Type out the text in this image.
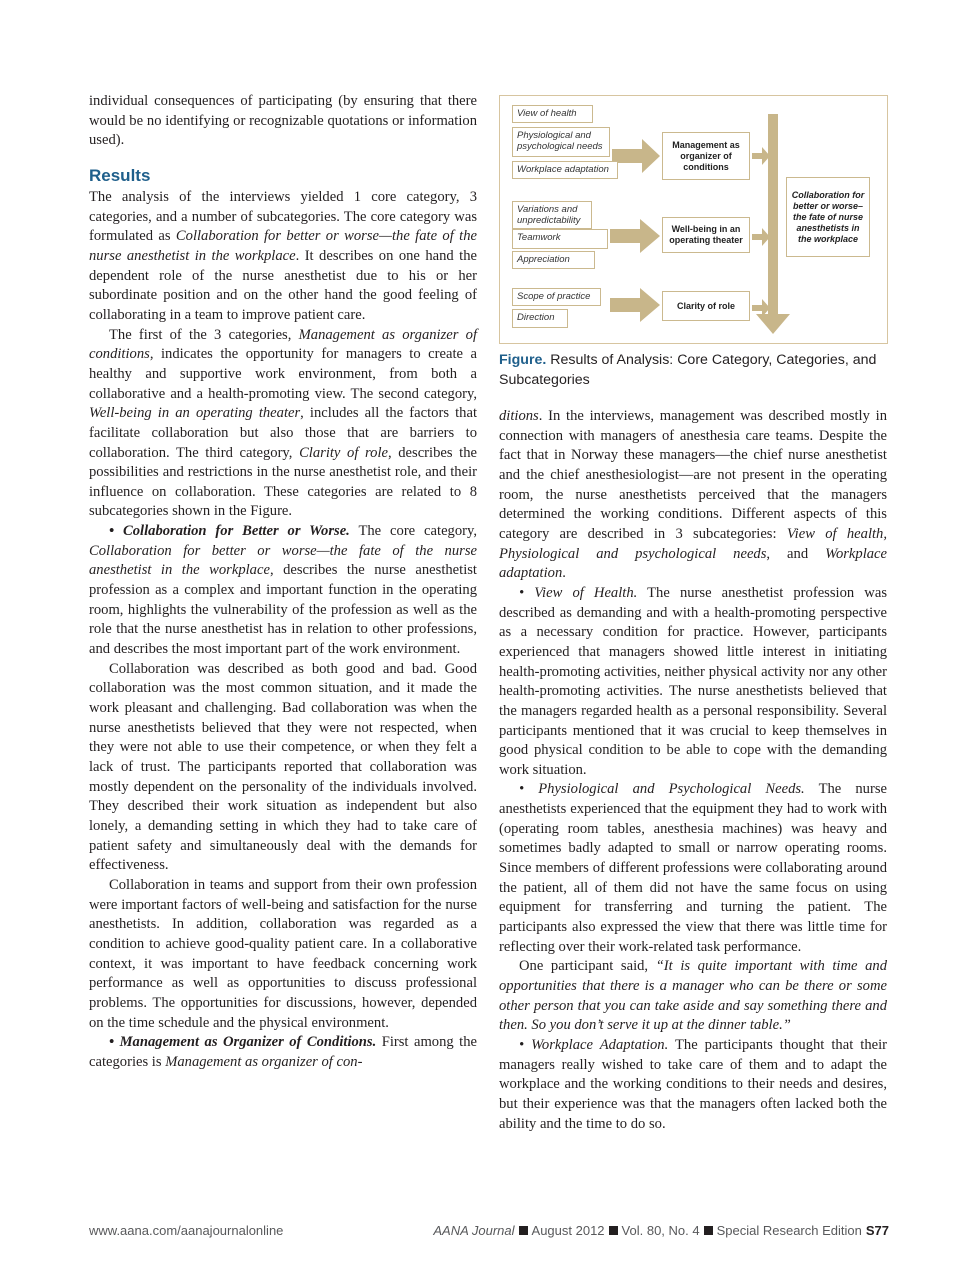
individual consequences of participating (by ensuring that there would be no identifying or recognizable quotations or information used).

Results

The analysis of the interviews yielded 1 core category, 3 categories, and a number of subcategories. The core category was formulated as Collaboration for better or worse—the fate of the nurse anesthetist in the workplace. It describes on one hand the dependent role of the nurse anesthetist due to his or her subordinate position and on the other hand the good feeling of collaborating in a team to improve patient care.

The first of the 3 categories, Management as organizer of conditions, indicates the opportunity for managers to create a healthy and supportive work environment, from both a collaborative and a health-promoting view. The second category, Well-being in an operating theater, includes all the factors that facilitate collaboration but also those that are barriers to collaboration. The third category, Clarity of role, describes the possibilities and restrictions in the nurse anesthetist role, and their influence on collaboration. These categories are related to 8 subcategories shown in the Figure.

• Collaboration for Better or Worse. The core category, Collaboration for better or worse—the fate of the nurse anesthetist in the workplace, describes the nurse anesthetist profession as a complex and important function in the operating room, highlights the vulnerability of the profession as well as the role that the nurse anesthetist has in relation to other professions, and describes the most important part of the work environment.

Collaboration was described as both good and bad. Good collaboration was the most common situation, and it made the work pleasant and challenging. Bad collaboration was when the nurse anesthetists believed that they were not respected, when they were not able to use their competence, or when they felt a lack of trust. The participants reported that collaboration was mostly dependent on the personality of the individuals involved. They described their work situation as independent but also lonely, a demanding setting in which they had to take care of patient safety and simultaneously deal with the demands for effectiveness.

Collaboration in teams and support from their own profession were important factors of well-being and satisfaction for the nurse anesthetists. In addition, collaboration was regarded as a condition to achieve good-quality patient care. In a collaborative context, it was important to have feedback concerning work performance as well as opportunities to discuss professional problems. The opportunities for discussions, however, depended on the time schedule and the physical environment.

• Management as Organizer of Conditions. First among the categories is Management as organizer of con-

View of health
Physiological and psychological needs
Workplace adaptation
Variations and unpredictability
Teamwork
Appreciation
Scope of practice
Direction
Management as organizer of conditions
Well-being in an operating theater
Clarity of role
Collaboration for better or worse–the fate of nurse anesthetists in the workplace
Figure. Results of Analysis: Core Category, Categories, and Subcategories

ditions. In the interviews, management was described mostly in connection with managers of anesthesia care teams. Despite the fact that in Norway these managers—the chief nurse anesthetist and the chief anesthesiologist—are not present in the operating room, the nurse anesthetists perceived that the managers determined the working conditions. Different aspects of this category are described in 3 subcategories: View of health, Physiological and psychological needs, and Workplace adaptation.

• View of Health. The nurse anesthetist profession was described as demanding and with a health-promoting perspective as a necessary condition for practice. However, participants experienced that managers showed little interest in initiating health-promoting activities, neither physical activity nor any other health-promoting activities. The nurse anesthetists believed that the managers regarded health as a personal responsibility. Several participants mentioned that it was crucial to keep themselves in good physical condition to be able to cope with the demanding work situation.

• Physiological and Psychological Needs. The nurse anesthetists experienced that the equipment they had to work with (operating room tables, anesthesia machines) was heavy and sometimes badly adapted to small or narrow operating rooms. Since members of different professions were collaborating around the patient, all of them did not have the same focus on using equipment for transferring and turning the patient. The participants also expressed the view that there was little time for reflecting over their work-related task performance.

One participant said, “It is quite important with time and opportunities that there is a manager who can be there or some other person that you can take aside and say something there and then. So you don’t serve it up at the dinner table.”

• Workplace Adaptation. The participants thought that their managers really wished to take care of them and to adapt the workplace and the working conditions to their needs and desires, but their experience was that the managers often lacked both the ability and the time to do so.

www.aana.com/aanajournalonline	AANA Journal August 2012 Vol. 80, No. 4 Special Research Edition S77
